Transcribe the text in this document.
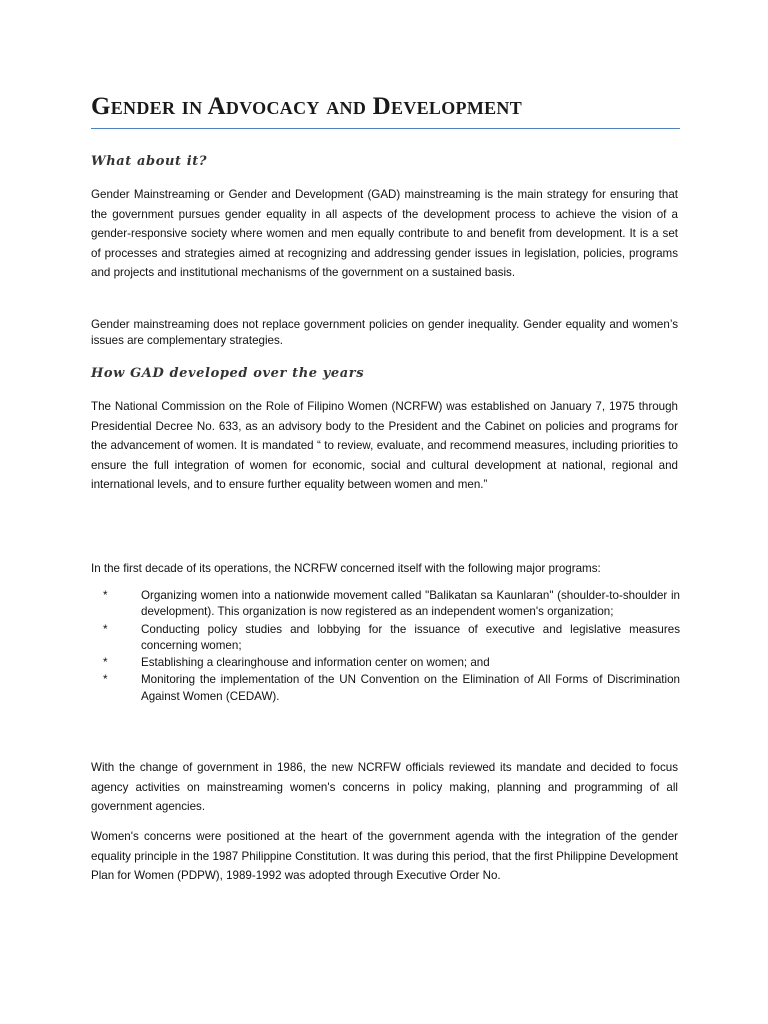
Gender in Advocacy and Development
What about it?

Gender Mainstreaming or Gender and Development (GAD) mainstreaming is the main strategy for ensuring that the government pursues gender equality in all aspects of the development process to achieve the vision of a gender-responsive society where women and men equally contribute to and benefit from development. It is a set of processes and strategies aimed at recognizing and addressing gender issues in legislation, policies, programs and projects and institutional mechanisms of the government on a sustained basis.

Gender mainstreaming does not replace government policies on gender inequality. Gender equality and women’s issues are complementary strategies.

How GAD developed over the years

The National Commission on the Role of Filipino Women (NCRFW) was established on January 7, 1975 through Presidential Decree No. 633, as an advisory body to the President and the Cabinet on policies and programs for the advancement of women. It is mandated “ to review, evaluate, and recommend measures, including priorities to ensure the full integration of women for economic, social and cultural development at national, regional and international levels, and to ensure further equality between women and men.”

In the first decade of its operations, the NCRFW concerned itself with the following major programs:

*	Organizing women into a nationwide movement called "Balikatan sa Kaunlaran" (shoulder-to-shoulder in development). This organization is now registered as an independent women's organization;
*	Conducting policy studies and lobbying for the issuance of executive and legislative measures concerning women;
*	Establishing a clearinghouse and information center on women; and
*	Monitoring the implementation of the UN Convention on the Elimination of All Forms of Discrimination Against Women (CEDAW).

With the change of government in 1986, the new NCRFW officials reviewed its mandate and decided to focus agency activities on mainstreaming women's concerns in policy making, planning and programming of all government agencies.

Women's concerns were positioned at the heart of the government agenda with the integration of the gender equality principle in the 1987 Philippine Constitution. It was during this period, that the first Philippine Development Plan for Women (PDPW), 1989-1992 was adopted through Executive Order No.
